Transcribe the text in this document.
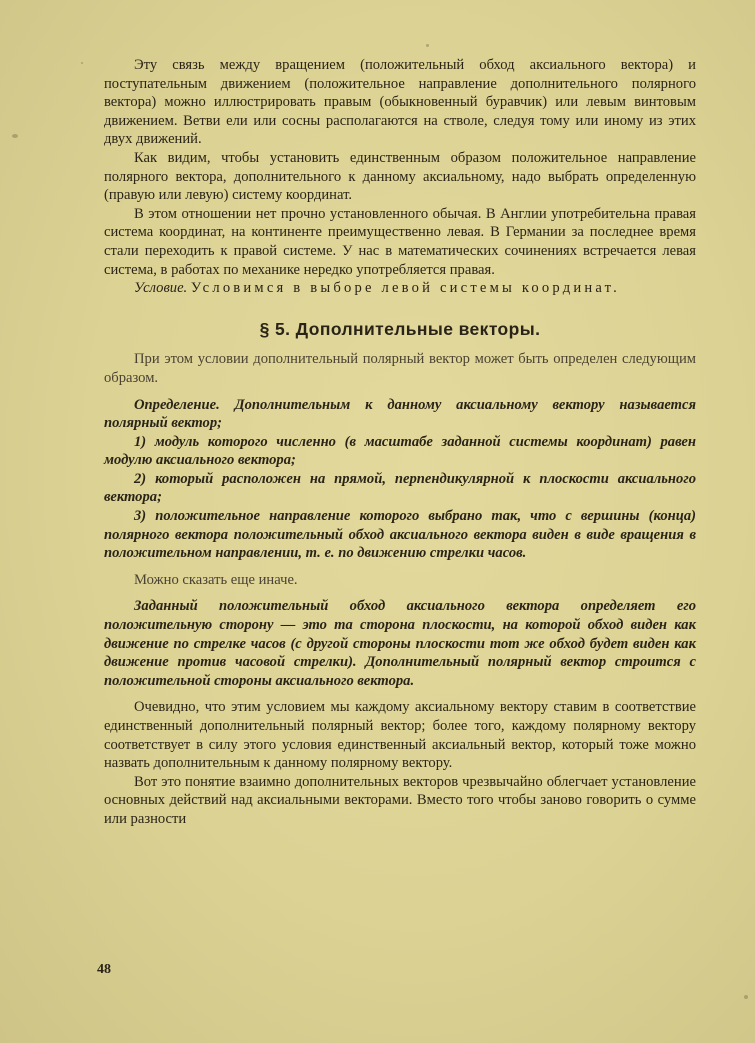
Эту связь между вращением (положительный обход аксиального вектора) и поступательным движением (положительное направление дополнительного полярного вектора) можно иллюстрировать правым (обыкновенный буравчик) или левым винтовым движением. Ветви ели или сосны располагаются на стволе, следуя тому или иному из этих двух движений.

Как видим, чтобы установить единственным образом положительное направление полярного вектора, дополнительного к данному аксиальному, надо выбрать определенную (правую или левую) систему координат.

В этом отношении нет прочно установленного обычая. В Англии употребительна правая система координат, на континенте преимущественно левая. В Германии за последнее время стали переходить к правой системе. У нас в математических сочинениях встречается левая система, в работах по механике нередко употребляется правая.

Условие. Условимся в выборе левой системы координат.

§ 5. Дополнительные векторы.

При этом условии дополнительный полярный вектор может быть определен следующим образом.

Определение. Дополнительным к данному аксиальному вектору называется полярный вектор;

1) модуль которого численно (в масштабе заданной системы координат) равен модулю аксиального вектора;

2) который расположен на прямой, перпендикулярной к плоскости аксиального вектора;

3) положительное направление которого выбрано так, что с вершины (конца) полярного вектора положительный обход аксиального вектора виден в виде вращения в положительном направлении, т. е. по движению стрелки часов.

Можно сказать еще иначе.

Заданный положительный обход аксиального вектора определяет его положительную сторону — это та сторона плоскости, на которой обход виден как движение по стрелке часов (с другой стороны плоскости тот же обход будет виден как движение против часовой стрелки). Дополнительный полярный вектор строится с положительной стороны аксиального вектора.

Очевидно, что этим условием мы каждому аксиальному вектору ставим в соответствие единственный дополнительный полярный вектор; более того, каждому полярному вектору соответствует в силу этого условия единственный аксиальный вектор, который тоже можно назвать дополнительным к данному полярному вектору.

Вот это понятие взаимно дополнительных векторов чрезвычайно облегчает установление основных действий над аксиальными векторами. Вместо того чтобы заново говорить о сумме или разности

48
